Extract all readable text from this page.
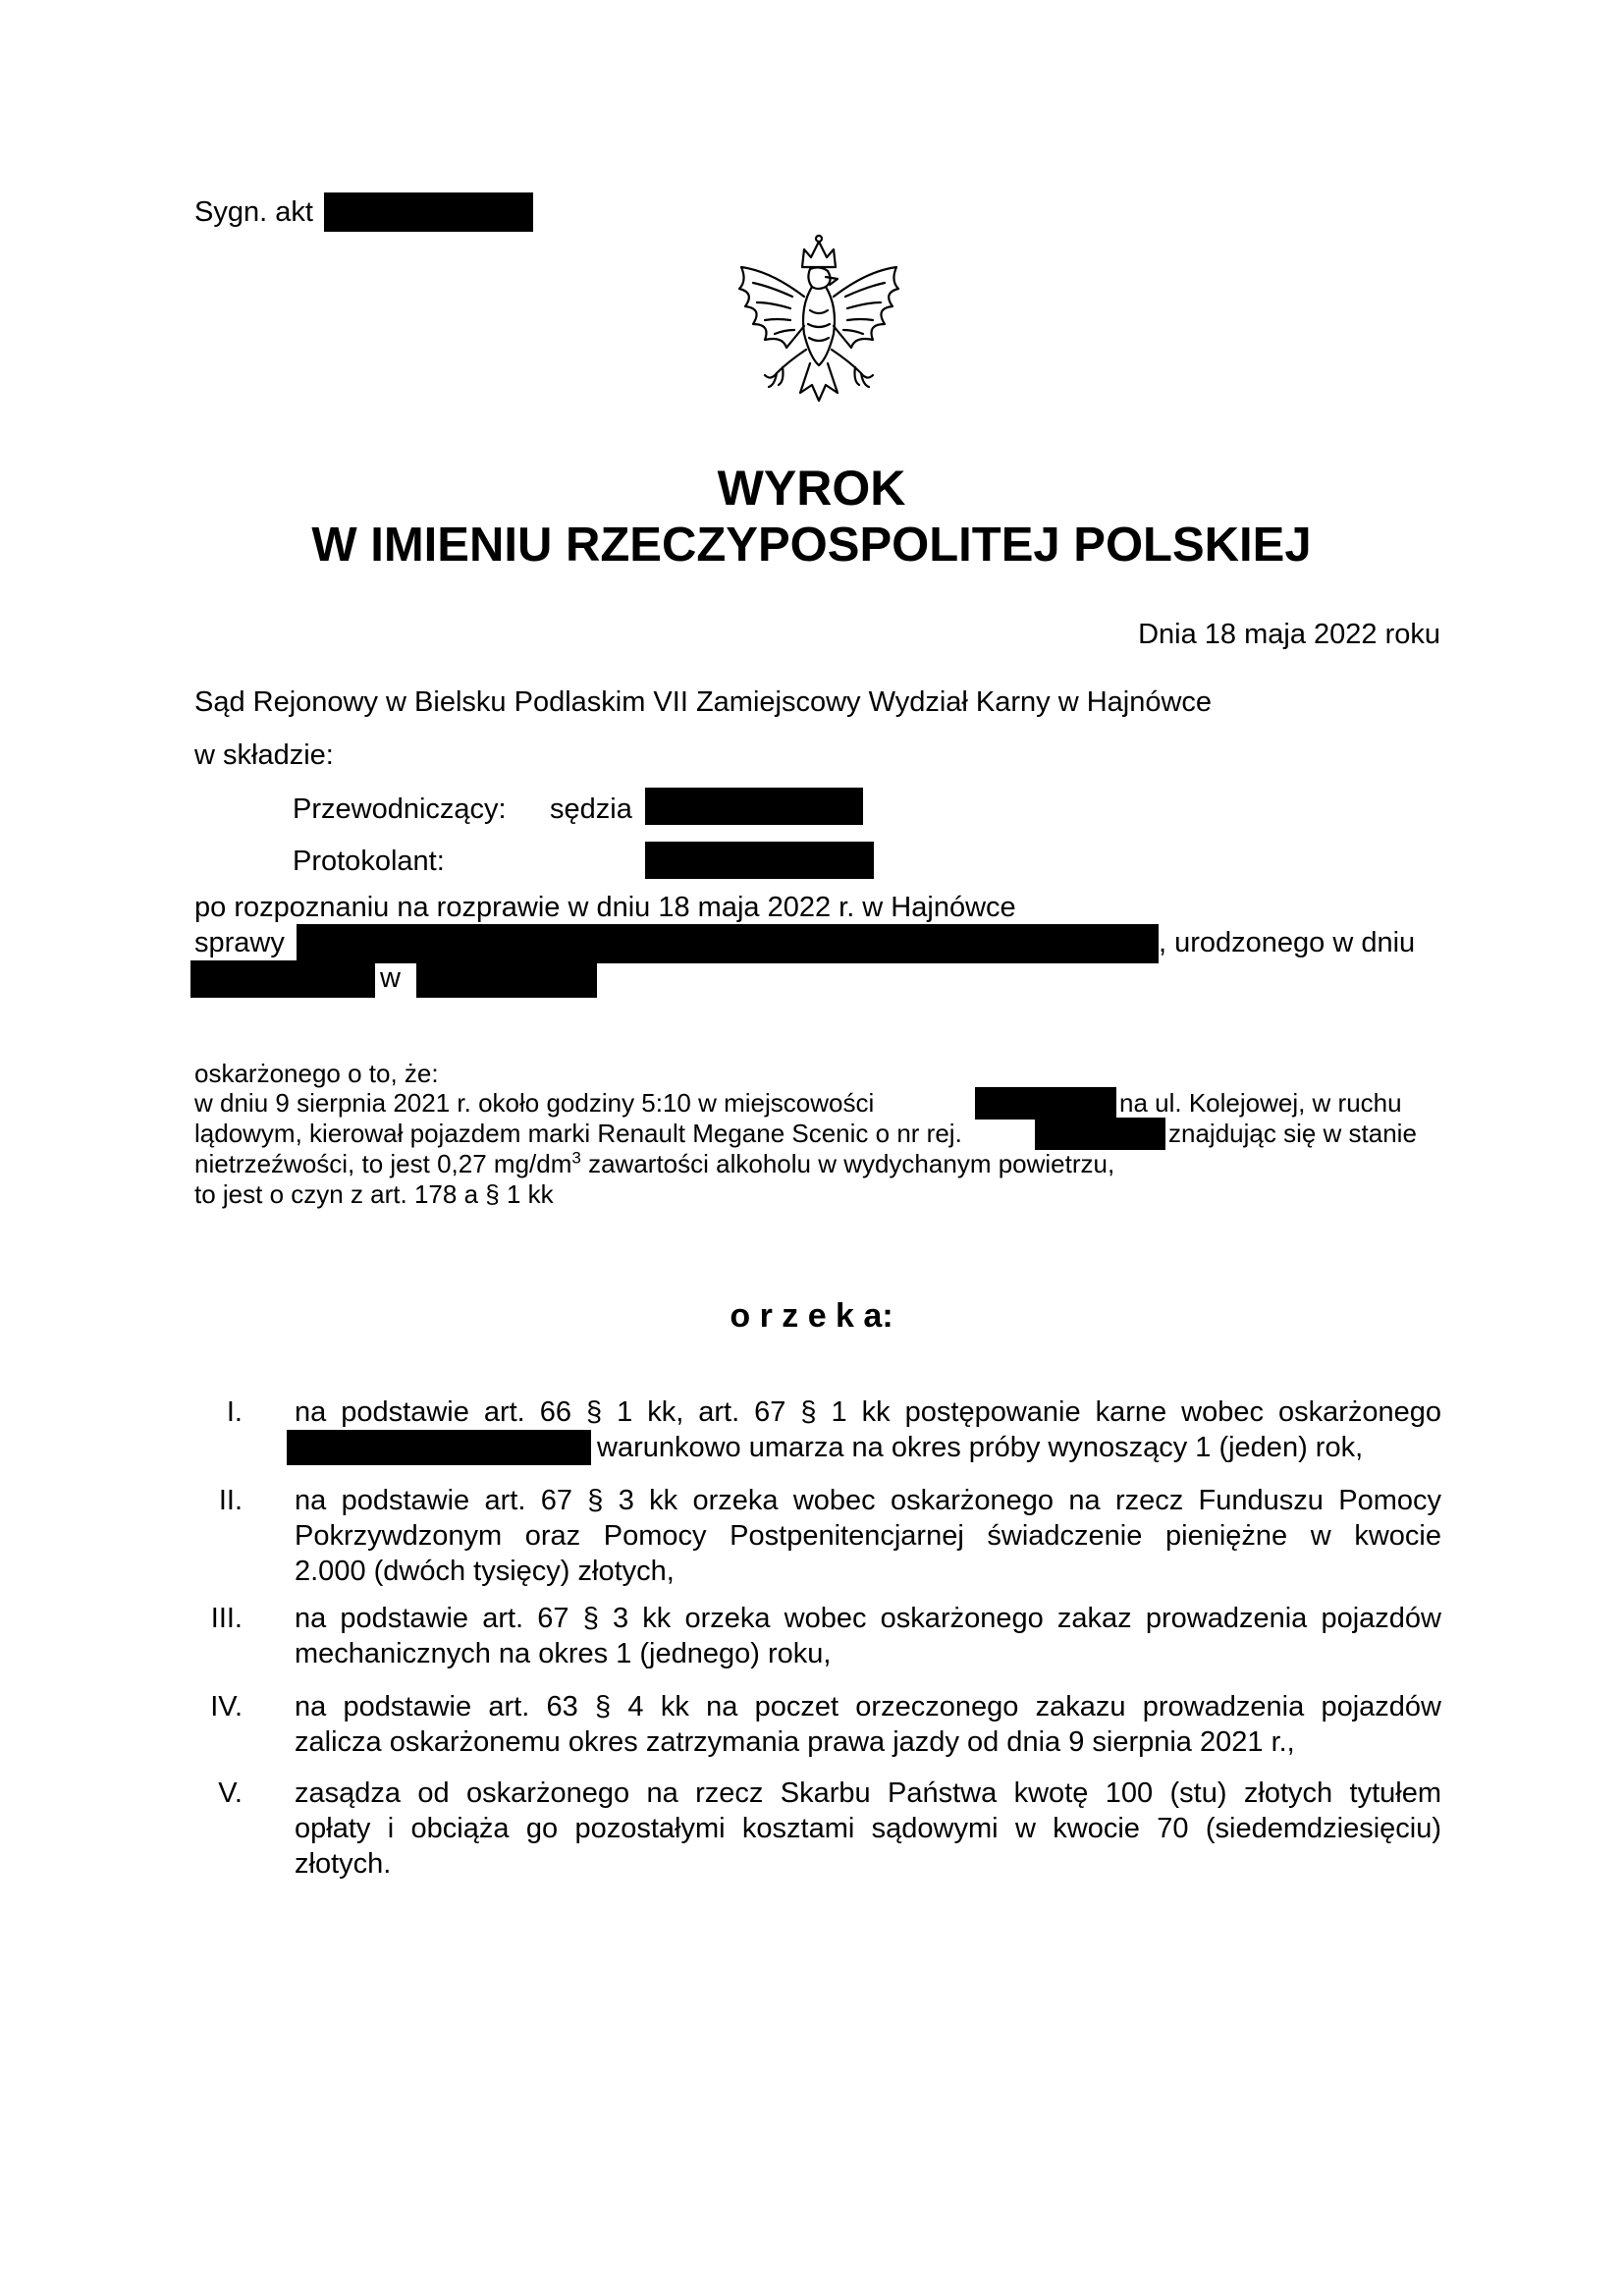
Sygn. akt
WYROK
W IMIENIU RZECZYPOSPOLITEJ POLSKIEJ
Dnia 18 maja 2022 roku
Sąd Rejonowy w Bielsku Podlaskim VII Zamiejscowy Wydział Karny w Hajnówce
w składzie:
Przewodniczący: sędzia
Protokolant:
po rozpoznaniu na rozprawie w dniu 18 maja 2022 r. w Hajnówce
sprawy	, urodzonego w dniu
w
oskarżonego o to, że:
w dniu 9 sierpnia 2021 r. około godziny 5:10 w miejscowości	na ul. Kolejowej, w ruchu
lądowym, kierował pojazdem marki Renault Megane Scenic o nr rej.	znajdując się w stanie
nietrzeźwości, to jest 0,27 $mg/dm^3$ zawartości alkoholu w wydychanym powietrzu,
to jest o czyn z art. 178 a § 1 kk
o r z e k a:
I. na podstawie art. 66 § 1 kk, art. 67 § 1 kk postępowanie karne wobec oskarżonego
warunkowo umarza na okres próby wynoszący 1 (jeden) rok,
II. na podstawie art. 67 § 3 kk orzeka wobec oskarżonego na rzecz Funduszu Pomocy
Pokrzywdzonym oraz Pomocy Postpenitencjarnej świadczenie pieniężne w kwocie
2.000 (dwóch tysięcy) złotych,
III. na podstawie art. 67 § 3 kk orzeka wobec oskarżonego zakaz prowadzenia pojazdów
mechanicznych na okres 1 (jednego) roku,
IV. na podstawie art. 63 § 4 kk na poczet orzeczonego zakazu prowadzenia pojazdów
zalicza oskarżonemu okres zatrzymania prawa jazdy od dnia 9 sierpnia 2021 r.,
V. zasądza od oskarżonego na rzecz Skarbu Państwa kwotę 100 (stu) złotych tytułem
opłaty i obciąża go pozostałymi kosztami sądowymi w kwocie 70 (siedemdziesięciu)
złotych.
